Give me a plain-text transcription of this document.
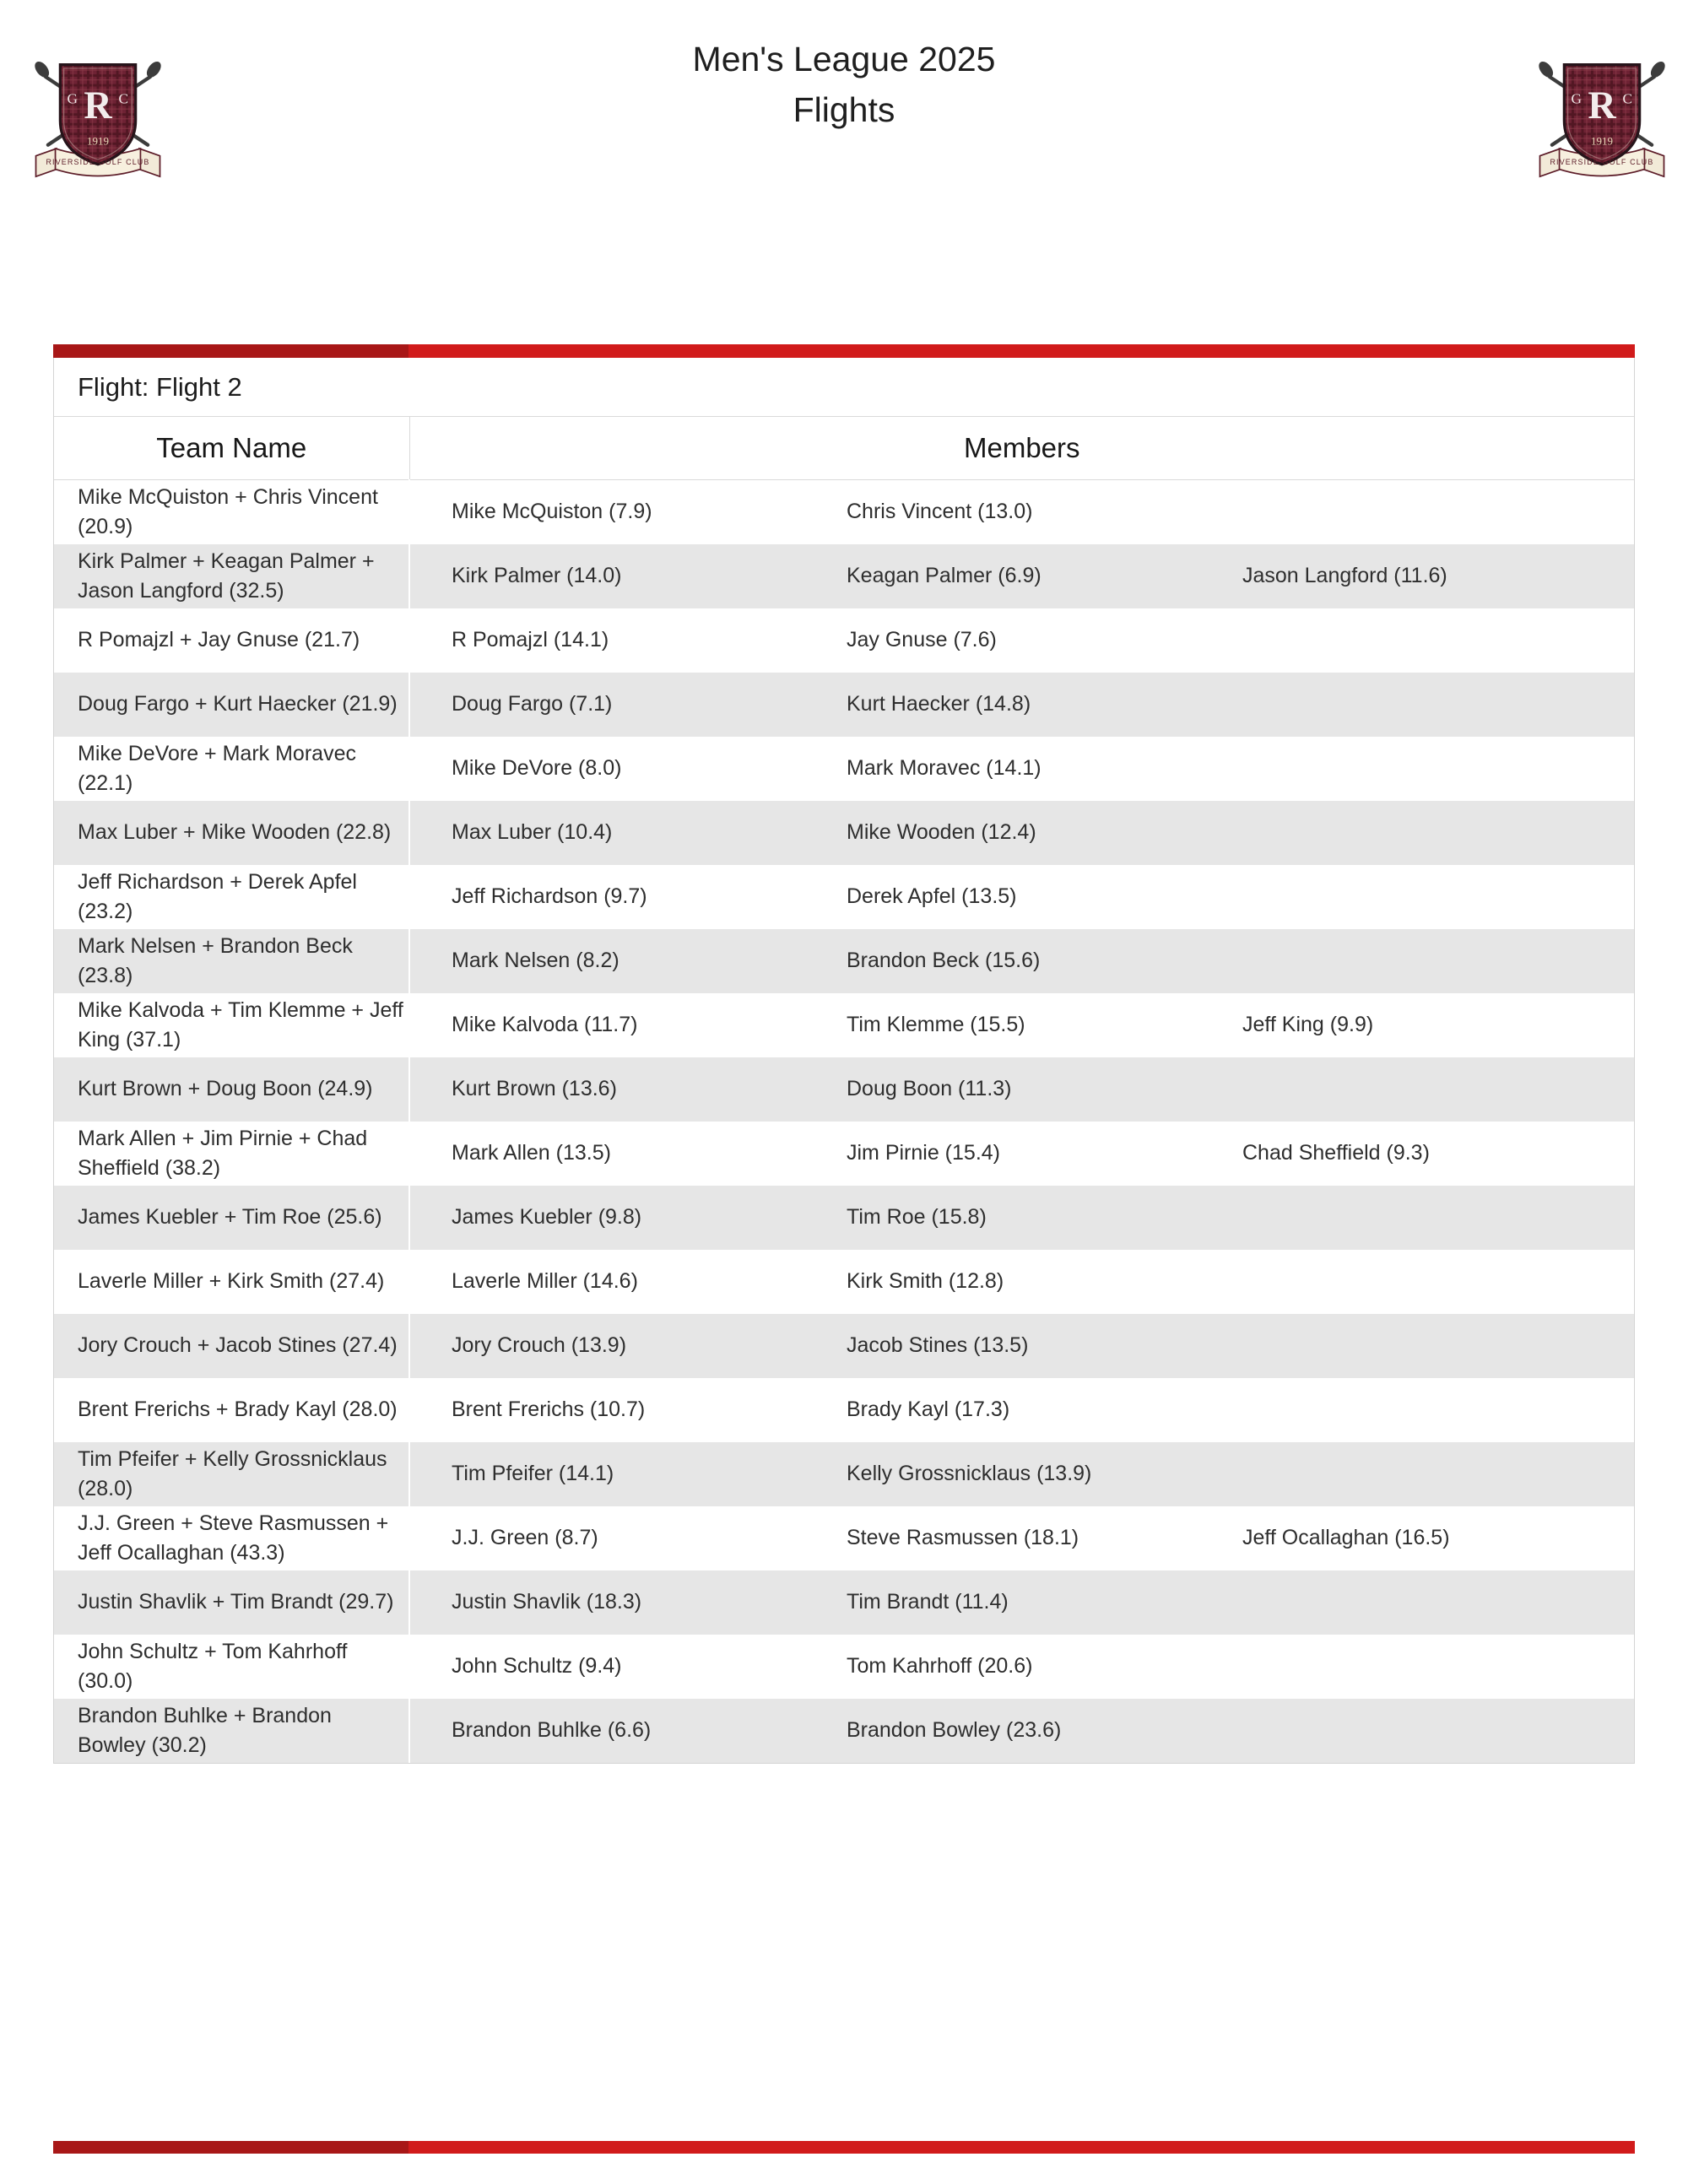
R
G	C
1919
RIVERSIDE GOLF CLUB
Men's League 2025
Flights	R
G	C
1919
RIVERSIDE GOLF CLUB
Flight: Flight 2
Team Name	Members		
Mike McQuiston + Chris Vincent (20.9)	Mike McQuiston (7.9)	Chris Vincent (13.0)	
Kirk Palmer + Keagan Palmer + Jason Langford (32.5)	Kirk Palmer (14.0)	Keagan Palmer (6.9)	Jason Langford (11.6)
R Pomajzl + Jay Gnuse (21.7)	R Pomajzl (14.1)	Jay Gnuse (7.6)	
Doug Fargo + Kurt Haecker (21.9)	Doug Fargo (7.1)	Kurt Haecker (14.8)	
Mike DeVore + Mark Moravec (22.1)	Mike DeVore (8.0)	Mark Moravec (14.1)	
Max Luber + Mike Wooden (22.8)	Max Luber (10.4)	Mike Wooden (12.4)	
Jeff Richardson + Derek Apfel (23.2)	Jeff Richardson (9.7)	Derek Apfel (13.5)	
Mark Nelsen + Brandon Beck (23.8)	Mark Nelsen (8.2)	Brandon Beck (15.6)	
Mike Kalvoda + Tim Klemme + Jeff King (37.1)	Mike Kalvoda (11.7)	Tim Klemme (15.5)	Jeff King (9.9)
Kurt Brown + Doug Boon (24.9)	Kurt Brown (13.6)	Doug Boon (11.3)	
Mark Allen + Jim Pirnie + Chad Sheffield (38.2)	Mark Allen (13.5)	Jim Pirnie (15.4)	Chad Sheffield (9.3)
James Kuebler + Tim Roe (25.6)	James Kuebler (9.8)	Tim Roe (15.8)	
Laverle Miller + Kirk Smith (27.4)	Laverle Miller (14.6)	Kirk Smith (12.8)	
Jory Crouch + Jacob Stines (27.4)	Jory Crouch (13.9)	Jacob Stines (13.5)	
Brent Frerichs + Brady Kayl (28.0)	Brent Frerichs (10.7)	Brady Kayl (17.3)	
Tim Pfeifer + Kelly Grossnicklaus (28.0)	Tim Pfeifer (14.1)	Kelly Grossnicklaus (13.9)	
J.J. Green + Steve Rasmussen + Jeff Ocallaghan (43.3)	J.J. Green (8.7)	Steve Rasmussen (18.1)	Jeff Ocallaghan (16.5)
Justin Shavlik + Tim Brandt (29.7)	Justin Shavlik (18.3)	Tim Brandt (11.4)	
John Schultz + Tom Kahrhoff (30.0)	John Schultz (9.4)	Tom Kahrhoff (20.6)	
Brandon Buhlke + Brandon Bowley (30.2)	Brandon Buhlke (6.6)	Brandon Bowley (23.6)	
